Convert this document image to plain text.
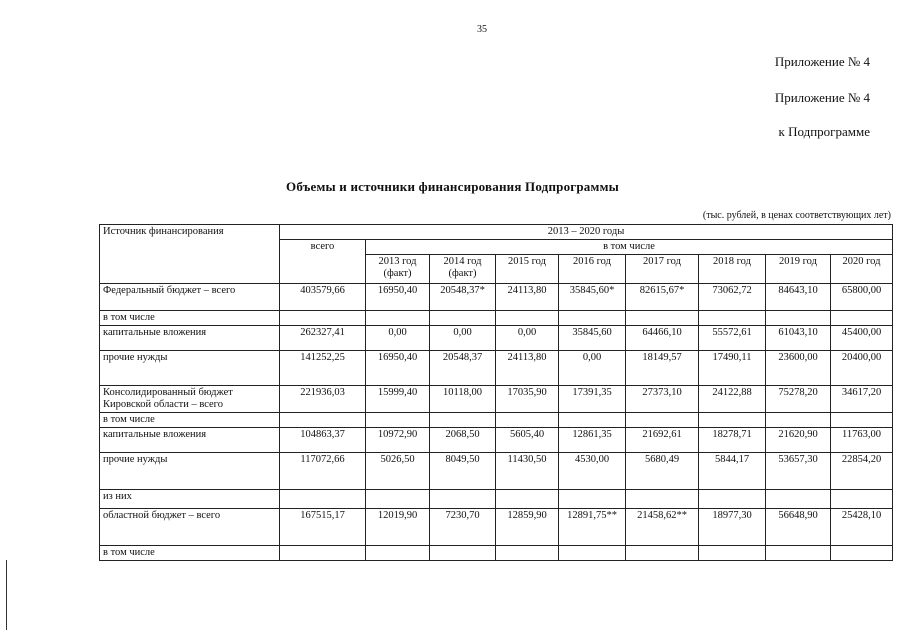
35
Приложение № 4
Приложение № 4
к Подпрограмме
Объемы и источники финансирования Подпрограммы
(тыс. рублей, в ценах соответствующих лет)
Источник финансирования	2013 – 2020 годы								
	всего	в том числе							
		2013 год (факт)	2014 год (факт)	2015 год	2016 год	2017 год	2018 год	2019 год	2020 год
Федеральный бюджет – всего	403579,66	16950,40	20548,37*	24113,80	35845,60*	82615,67*	73062,72	84643,10	65800,00
в том числе									
капитальные вложения	262327,41	0,00	0,00	0,00	35845,60	64466,10	55572,61	61043,10	45400,00
прочие нужды	141252,25	16950,40	20548,37	24113,80	0,00	18149,57	17490,11	23600,00	20400,00
Консолидированный бюджет Кировской области – всего	221936,03	15999,40	10118,00	17035,90	17391,35	27373,10	24122,88	75278,20	34617,20
в том числе									
капитальные вложения	104863,37	10972,90	2068,50	5605,40	12861,35	21692,61	18278,71	21620,90	11763,00
прочие нужды	117072,66	5026,50	8049,50	11430,50	4530,00	5680,49	5844,17	53657,30	22854,20
из них									
областной бюджет – всего	167515,17	12019,90	7230,70	12859,90	12891,75**	21458,62**	18977,30	56648,90	25428,10
в том числе									
